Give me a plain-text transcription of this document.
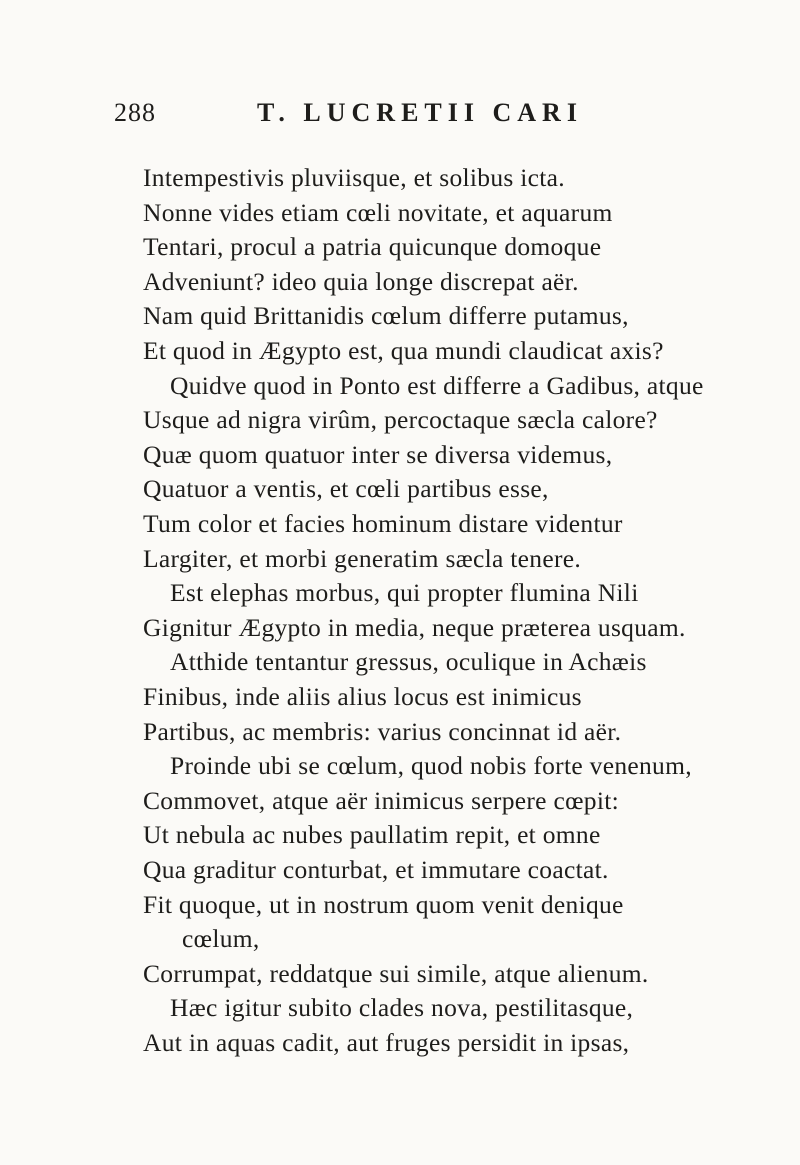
288	T. LUCRETII CARI
Intempestivis pluviisque, et solibus icta.
Nonne vides etiam cœli novitate, et aquarum
Tentari, procul a patria quicunque domoque
Adveniunt? ideo quia longe discrepat aër.
Nam quid Brittanidis cœlum differre putamus,
Et quod in Ægypto est, qua mundi claudicat axis?
Quidve quod in Ponto est differre a Gadibus, atque
Usque ad nigra virûm, percoctaque sæcla calore?
Quæ quom quatuor inter se diversa videmus,
Quatuor a ventis, et cœli partibus esse,
Tum color et facies hominum distare videntur
Largiter, et morbi generatim sæcla tenere.
Est elephas morbus, qui propter flumina Nili
Gignitur Ægypto in media, neque præterea usquam.
Atthide tentantur gressus, oculique in Achæis
Finibus, inde aliis alius locus est inimicus
Partibus, ac membris: varius concinnat id aër.
Proinde ubi se cœlum, quod nobis forte venenum,
Commovet, atque aër inimicus serpere cœpit:
Ut nebula ac nubes paullatim repit, et omne
Qua graditur conturbat, et immutare coactat.
Fit quoque, ut in nostrum quom venit denique
cœlum,
Corrumpat, reddatque sui simile, atque alienum.
Hæc igitur subito clades nova, pestilitasque,
Aut in aquas cadit, aut fruges persidit in ipsas,
